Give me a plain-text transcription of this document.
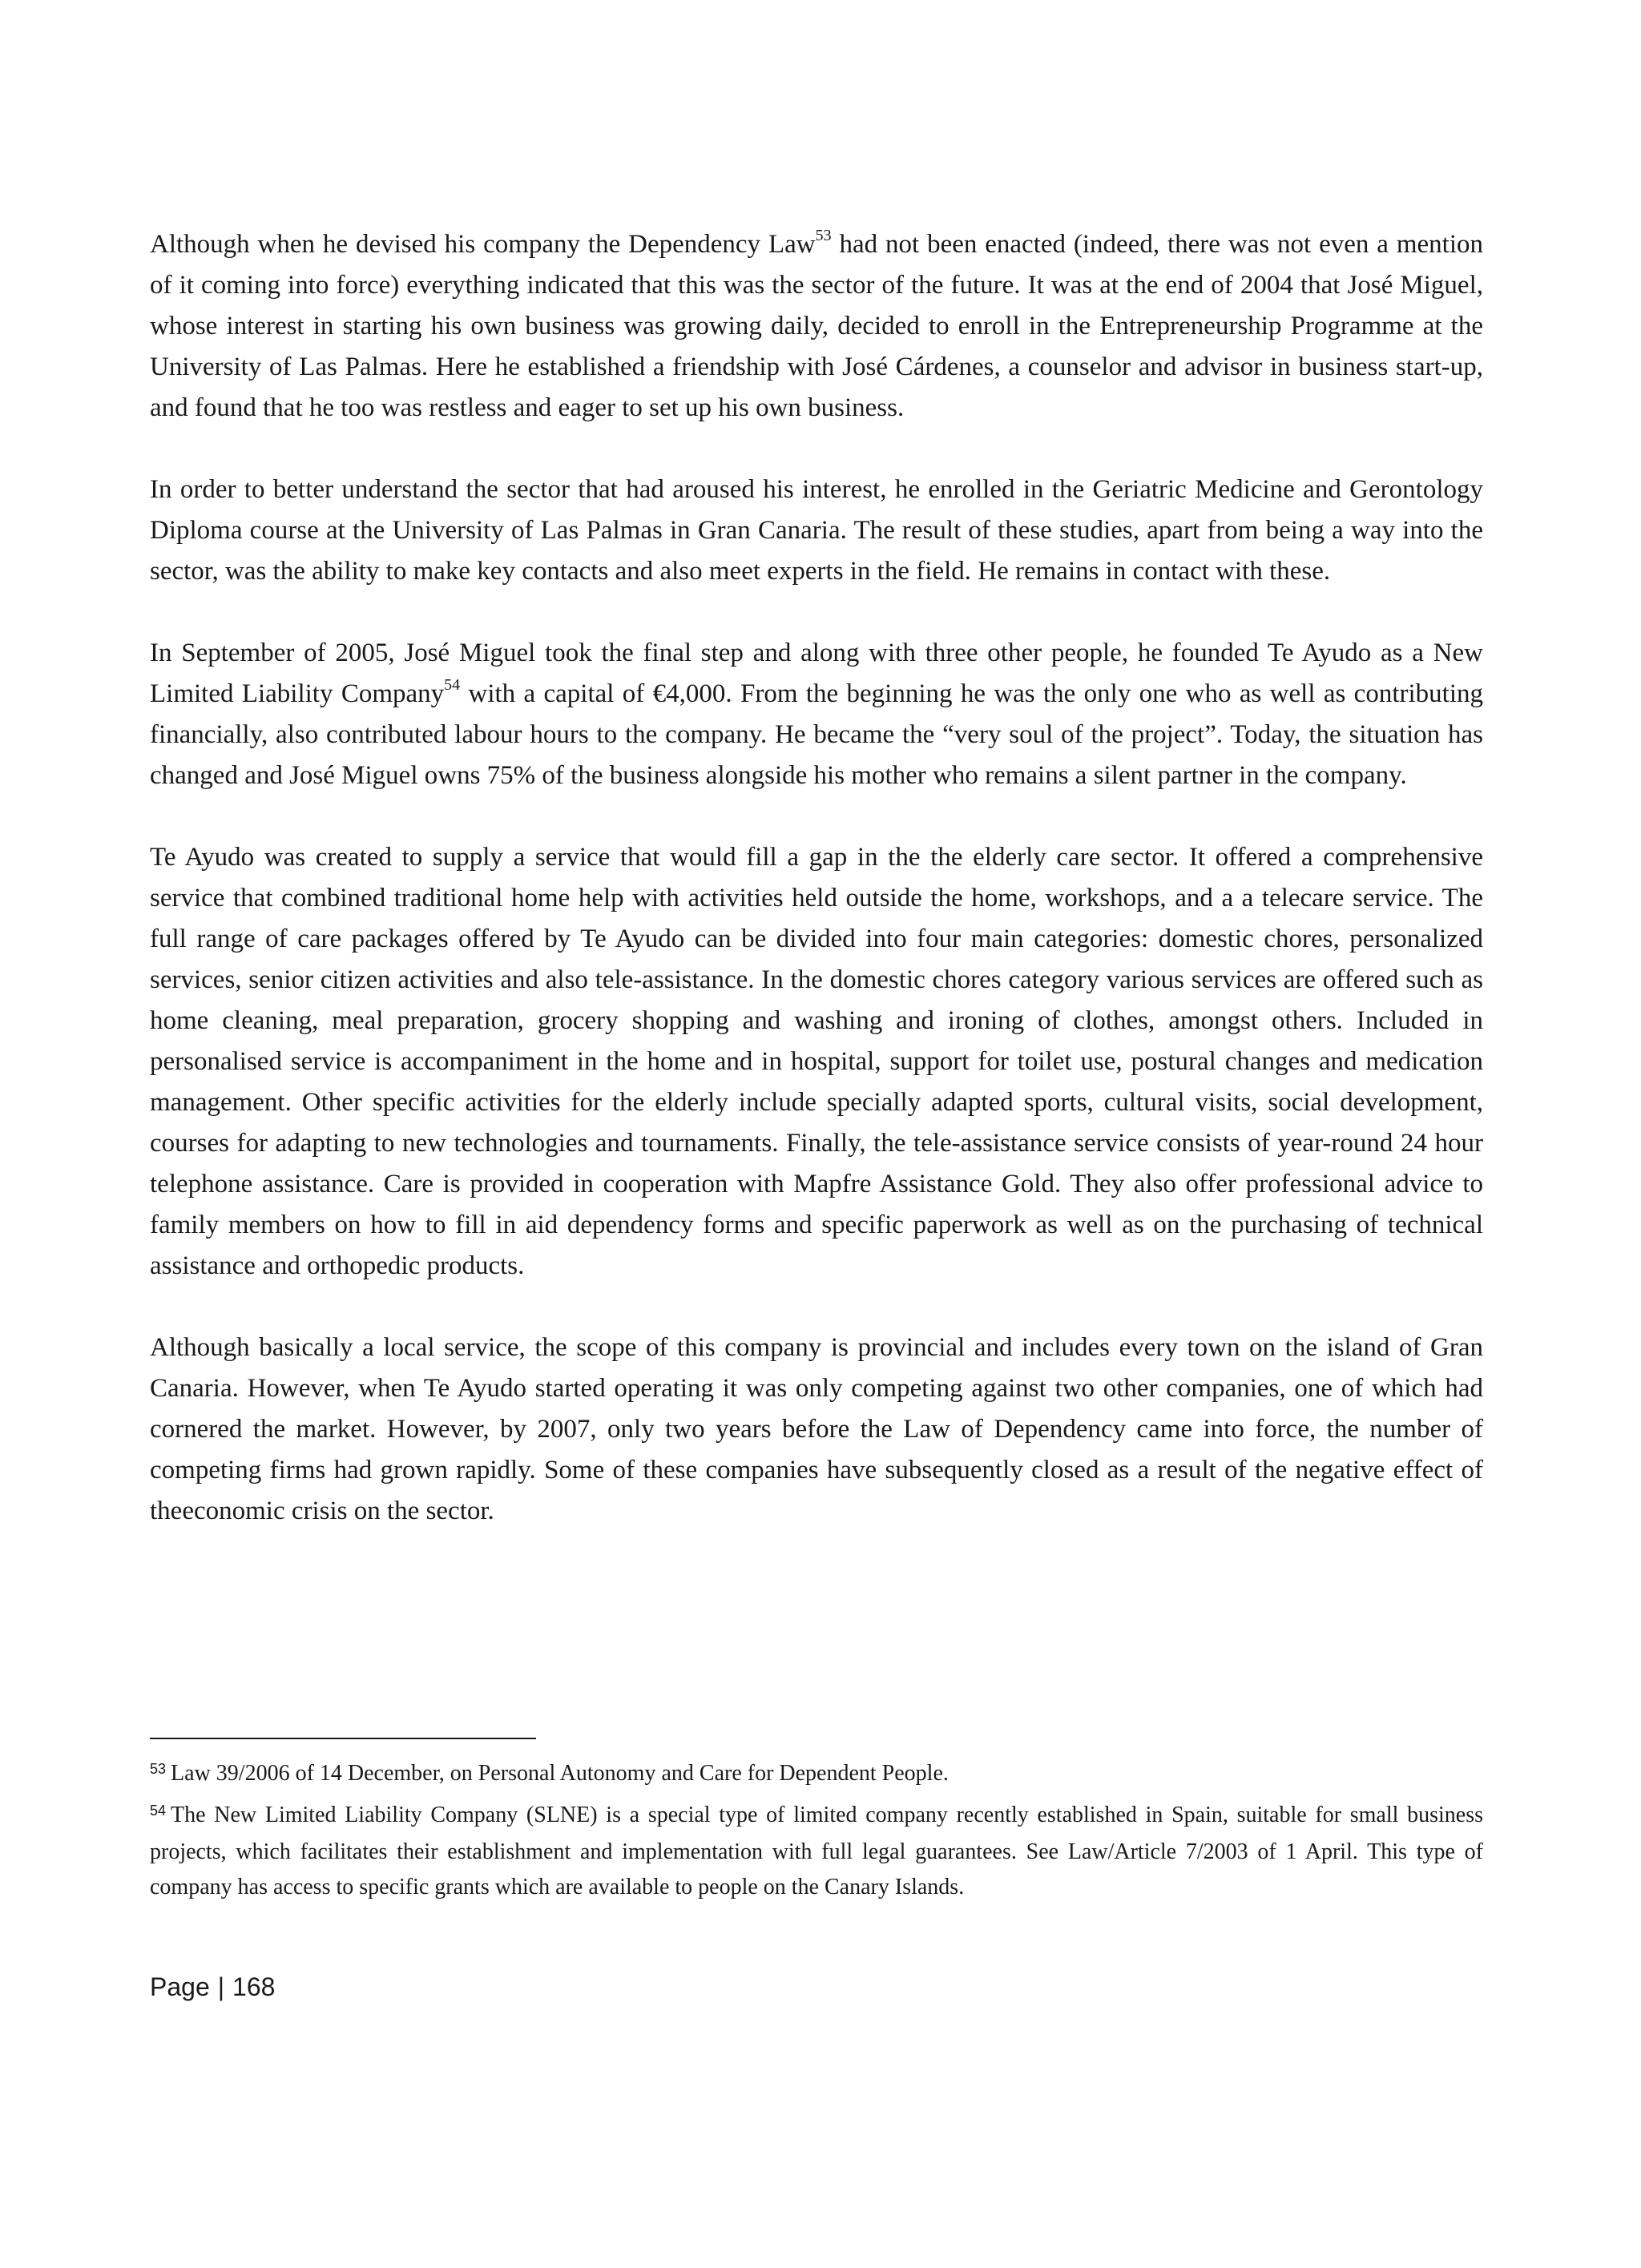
Although when he devised his company the Dependency Law$^{53}$ had not been enacted (indeed, there was not even a mention of it coming into force) everything indicated that this was the sector of the future. It was at the end of 2004 that José Miguel, whose interest in starting his own business was growing daily, decided to enroll in the Entrepreneurship Programme at the University of Las Palmas. Here he established a friendship with José Cárdenes, a counselor and advisor in business start-up, and found that he too was restless and eager to set up his own business.

In order to better understand the sector that had aroused his interest, he enrolled in the Geriatric Medicine and Gerontology Diploma course at the University of Las Palmas in Gran Canaria. The result of these studies, apart from being a way into the sector, was the ability to make key contacts and also meet experts in the field. He remains in contact with these.

In September of 2005, José Miguel took the final step and along with three other people, he founded Te Ayudo as a New Limited Liability Company$^{54}$ with a capital of €4,000. From the beginning he was the only one who as well as contributing financially, also contributed labour hours to the company. He became the “very soul of the project”. Today, the situation has changed and José Miguel owns 75% of the business alongside his mother who remains a silent partner in the company.

Te Ayudo was created to supply a service that would fill a gap in the the elderly care sector. It offered a comprehensive service that combined traditional home help with activities held outside the home, workshops, and a a telecare service. The full range of care packages offered by Te Ayudo can be divided into four main categories: domestic chores, personalized services, senior citizen activities and also tele-assistance. In the domestic chores category various services are offered such as home cleaning, meal preparation, grocery shopping and washing and ironing of clothes, amongst others. Included in personalised service is accompaniment in the home and in hospital, support for toilet use, postural changes and medication management. Other specific activities for the elderly include specially adapted sports, cultural visits, social development, courses for adapting to new technologies and tournaments. Finally, the tele-assistance service consists of year-round 24 hour telephone assistance. Care is provided in cooperation with Mapfre Assistance Gold. They also offer professional advice to family members on how to fill in aid dependency forms and specific paperwork as well as on the purchasing of technical assistance and orthopedic products.

Although basically a local service, the scope of this company is provincial and includes every town on the island of Gran Canaria. However, when Te Ayudo started operating it was only competing against two other companies, one of which had cornered the market. However, by 2007, only two years before the Law of Dependency came into force, the number of competing firms had grown rapidly. Some of these companies have subsequently closed as a result of the negative effect of theeconomic crisis on the sector.

$^{53}$ Law 39/2006 of 14 December, on Personal Autonomy and Care for Dependent People.
$^{54}$ The New Limited Liability Company (SLNE) is a special type of limited company recently established in Spain, suitable for small business projects, which facilitates their establishment and implementation with full legal guarantees. See Law/Article 7/2003 of 1 April. This type of company has access to specific grants which are available to people on the Canary Islands.
Page | 168
